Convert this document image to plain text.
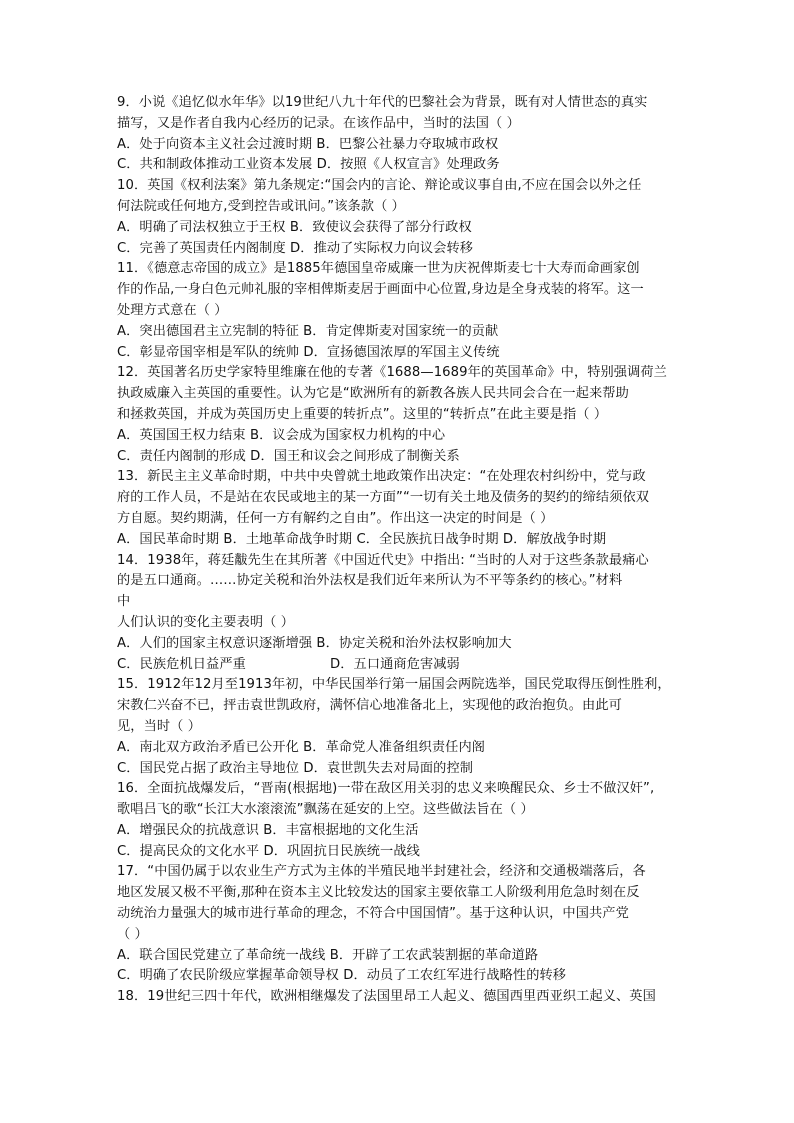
9．小说《追忆似水年华》以19世纪八九十年代的巴黎社会为背景，既有对人情世态的真实
描写，又是作者自我内心经历的记录。在该作品中，当时的法国（ ）
A．处于向资本主义社会过渡时期 B．巴黎公社暴力夺取城市政权
C．共和制政体推动工业资本发展 D．按照《人权宣言》处理政务
10．英国《权利法案》第九条规定:“国会内的言论、辩论或议事自由,不应在国会以外之任
何法院或任何地方,受到控告或讯问。”该条款（ ）
A．明确了司法权独立于王权 B．致使议会获得了部分行政权
C．完善了英国责任内阁制度 D．推动了实际权力向议会转移
11．《德意志帝国的成立》是1885年德国皇帝威廉一世为庆祝俾斯麦七十大寿而命画家创
作的作品,一身白色元帅礼服的宰相俾斯麦居于画面中心位置,身边是全身戎装的将军。这一
处理方式意在（ ）
A．突出德国君主立宪制的特征 B．肯定俾斯麦对国家统一的贡献
C．彰显帝国宰相是军队的统帅 D．宣扬德国浓厚的军国主义传统
12．英国著名历史学家特里维廉在他的专著《1688—1689年的英国革命》中，特别强调荷兰
执政威廉入主英国的重要性。认为它是“欧洲所有的新教各族人民共同会合在一起来帮助
和拯救英国，并成为英国历史上重要的转折点”。这里的“转折点”在此主要是指（ ）
A．英国国王权力结束 B．议会成为国家权力机构的中心
C．责任内阁制的形成 D．国王和议会之间形成了制衡关系
13．新民主主义革命时期，中共中央曾就土地政策作出决定：“在处理农村纠纷中，党与政
府的工作人员，不是站在农民或地主的某一方面”“一切有关土地及债务的契约的缔结须依双
方自愿。契约期满，任何一方有解约之自由”。作出这一决定的时间是（ ）
A．国民革命时期 B．土地革命战争时期 C．全民族抗日战争时期 D．解放战争时期
14．1938年，蒋廷黻先生在其所著《中国近代史》中指出: “当时的人对于这些条款最痛心
的是五口通商。……协定关税和治外法权是我们近年来所认为不平等条约的核心。”材料
中
人们认识的变化主要表明（ ）
A．人们的国家主权意识逐渐增强 B．协定关税和治外法权影响加大
C．民族危机日益严重	D．五口通商危害减弱
15．1912年12月至1913年初，中华民国举行第一届国会两院选举，国民党取得压倒性胜利，
宋教仁兴奋不已，抨击袁世凯政府，满怀信心地准备北上，实现他的政治抱负。由此可
见，当时（ ）
A．南北双方政治矛盾已公开化 B．革命党人准备组织责任内阁
C．国民党占据了政治主导地位 D．袁世凯失去对局面的控制
16．全面抗战爆发后，“晋南(根据地)一带在敌区用关羽的忠义来唤醒民众、乡士不做汉奸”,
歌唱吕飞的歌“长江大水滚滚流”飘荡在延安的上空。这些做法旨在（ ）
A．增强民众的抗战意识 B．丰富根据地的文化生活
C．提高民众的文化水平 D．巩固抗日民族统一战线
17．“中国仍属于以农业生产方式为主体的半殖民地半封建社会，经济和交通极端落后，各
地区发展又极不平衡,那种在资本主义比较发达的国家主要依靠工人阶级利用危急时刻在反
动统治力量强大的城市进行革命的理念，不符合中国国情”。基于这种认识，中国共产党
（ ）
A．联合国民党建立了革命统一战线 B．开辟了工农武装割据的革命道路
C．明确了农民阶级应掌握革命领导权 D．动员了工农红军进行战略性的转移
18．19世纪三四十年代，欧洲相继爆发了法国里昂工人起义、德国西里西亚织工起义、英国
